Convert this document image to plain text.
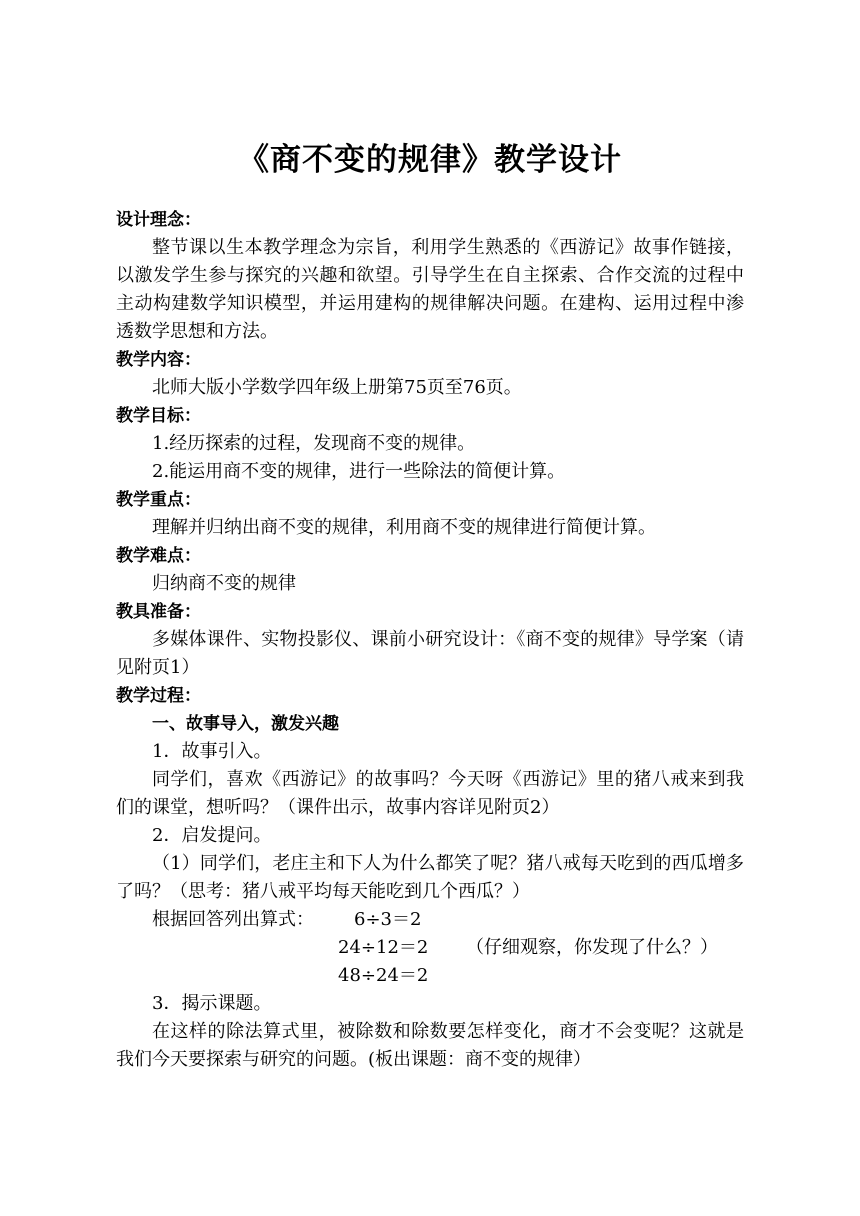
《商不变的规律》教学设计

设计理念：

整节课以生本教学理念为宗旨，利用学生熟悉的《西游记》故事作链接，以激发学生参与探究的兴趣和欲望。引导学生在自主探索、合作交流的过程中主动构建数学知识模型，并运用建构的规律解决问题。在建构、运用过程中渗透数学思想和方法。

教学内容：

北师大版小学数学四年级上册第75页至76页。

教学目标：

1.经历探索的过程，发现商不变的规律。

2.能运用商不变的规律，进行一些除法的简便计算。

教学重点：

理解并归纳出商不变的规律，利用商不变的规律进行简便计算。

教学难点：

归纳商不变的规律

教具准备：

多媒体课件、实物投影仪、课前小研究设计：《商不变的规律》导学案（请见附页1）

教学过程：

一、故事导入，激发兴趣

1．故事引入。

同学们，喜欢《西游记》的故事吗？今天呀《西游记》里的猪八戒来到我们的课堂，想听吗？（课件出示，故事内容详见附页2）

2．启发提问。

（1）同学们，老庄主和下人为什么都笑了呢？猪八戒每天吃到的西瓜增多了吗？（思考：猪八戒平均每天能吃到几个西瓜？）

根据回答列出算式： 6÷3＝2
24÷12＝2 （仔细观察，你发现了什么？）
48÷24＝2

3．揭示课题。

在这样的除法算式里，被除数和除数要怎样变化，商才不会变呢？这就是我们今天要探索与研究的问题。(板出课题：商不变的规律）
